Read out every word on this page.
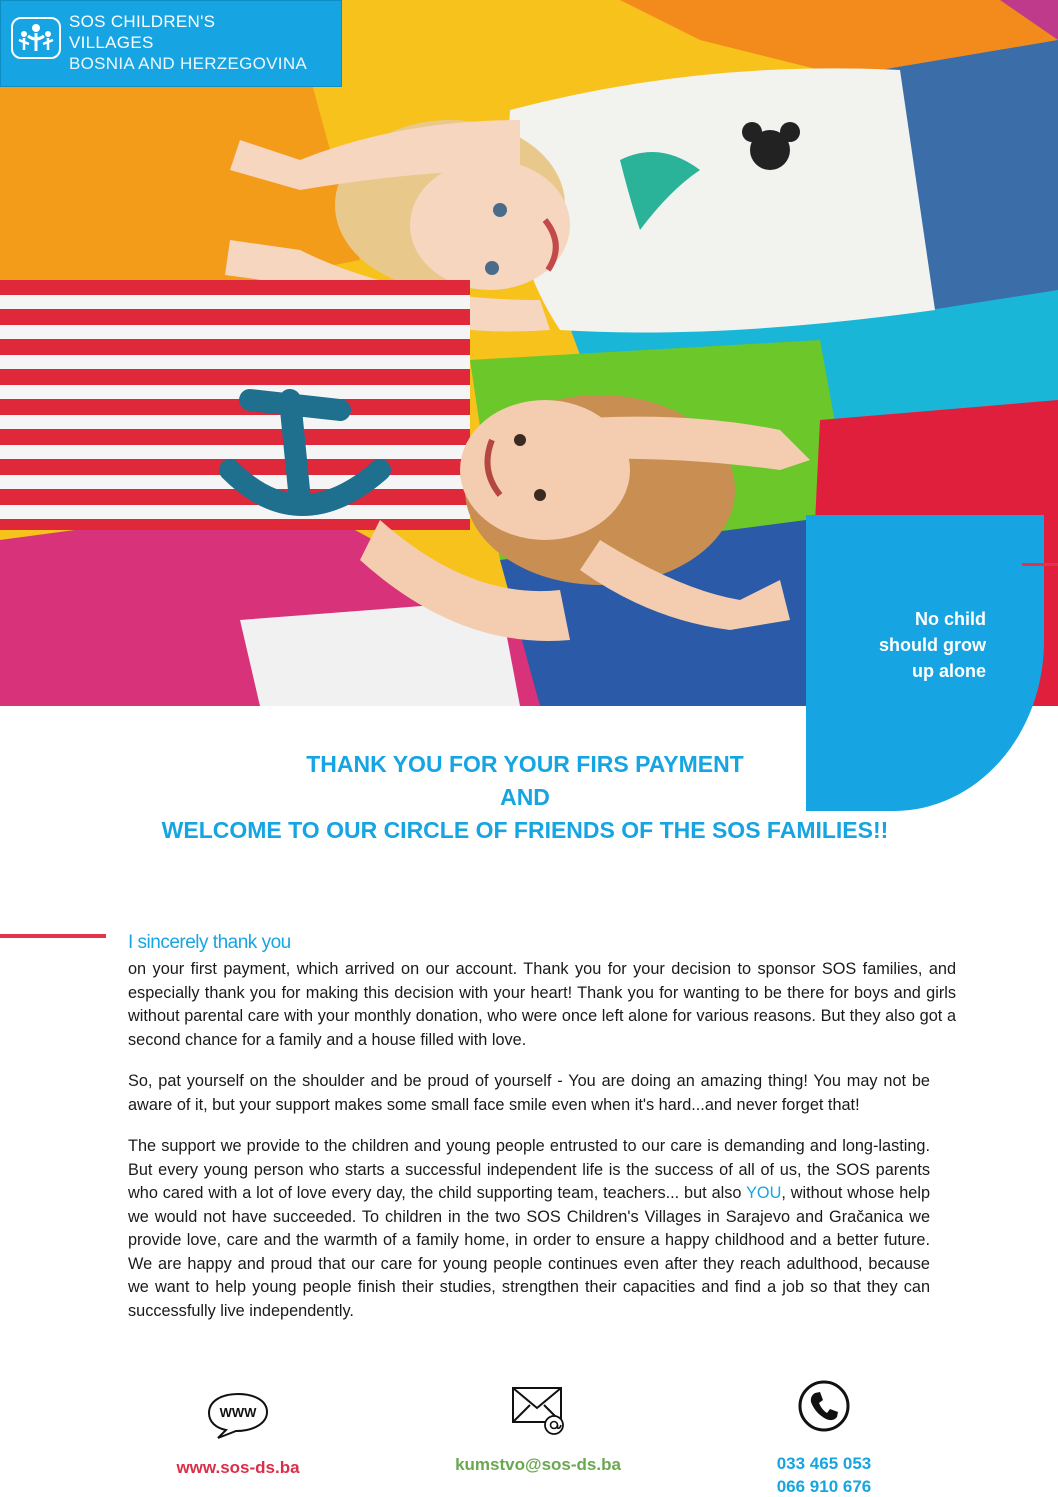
SOS CHILDREN'S
VILLAGES
BOSNIA AND HERZEGOVINA
No child
should grow
up alone
THANK YOU FOR YOUR FIRS PAYMENT
AND
WELCOME TO OUR CIRCLE OF FRIENDS OF THE SOS FAMILIES!!
I sincerely thank you

on your first payment, which arrived on our account. Thank you for your decision to sponsor SOS families, and especially thank you for making this decision with your heart! Thank you for wanting to be there for boys and girls without parental care with your monthly donation, who were once left alone for various reasons. But they also got a second chance for a family and a house filled with love.

So, pat yourself on the shoulder and be proud of yourself - You are doing an amazing thing! You may not be aware of it, but your support makes some small face smile even when it's hard...and never forget that!

The support we provide to the children and young people entrusted to our care is demanding and long-lasting. But every young person who starts a successful independent life is the success of all of us, the SOS parents who cared with a lot of love every day, the child supporting team, teachers... but also YOU, without whose help we would not have succeeded. To children in the two SOS Children's Villages in Sarajevo and Gračanica we provide love, care and the warmth of a family home, in order to ensure a happy childhood and a better future. We are happy and proud that our care for young people continues even after they reach adulthood, because we want to help young people finish their studies, strengthen their capacities and find a job so that they can successfully live independently.

WWW
www.sos-ds.ba	kumstvo@sos-ds.ba	033 465 053
066 910 676
